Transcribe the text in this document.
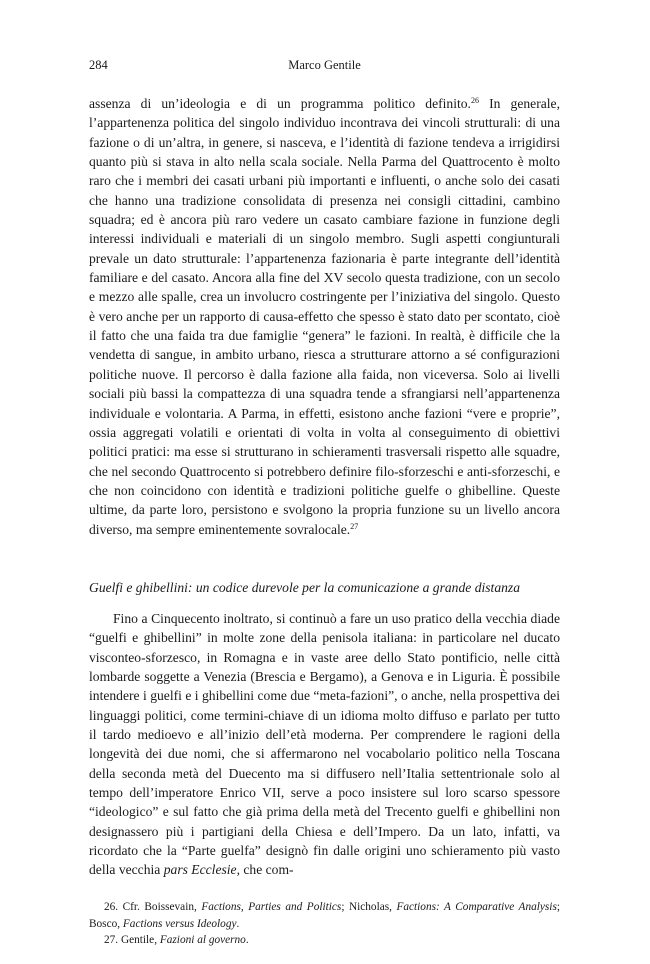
284	Marco Gentile

assenza di un’ideologia e di un programma politico definito.$^{26}$ In generale, l’appartenenza politica del singolo individuo incontrava dei vincoli strutturali: di una fazione o di un’altra, in genere, si nasceva, e l’identità di fazione tendeva a irrigidirsi quanto più si stava in alto nella scala sociale. Nella Parma del Quattrocento è molto raro che i membri dei casati urbani più importanti e influenti, o anche solo dei casati che hanno una tradizione consolidata di presenza nei consigli cittadini, cambino squadra; ed è ancora più raro vedere un casato cambiare fazione in funzione degli interessi individuali e materiali di un singolo membro. Sugli aspetti congiunturali prevale un dato strutturale: l’appartenenza fazionaria è parte integrante dell’identità familiare e del casato. Ancora alla fine del XV secolo questa tradizione, con un secolo e mezzo alle spalle, crea un involucro costringente per l’iniziativa del singolo. Questo è vero anche per un rapporto di causa-effetto che spesso è stato dato per scontato, cioè il fatto che una faida tra due famiglie “genera” le fazioni. In realtà, è difficile che la vendetta di sangue, in ambito urbano, riesca a strutturare attorno a sé configurazioni politiche nuove. Il percorso è dalla fazione alla faida, non viceversa. Solo ai livelli sociali più bassi la compattezza di una squadra tende a sfrangiarsi nell’appartenenza individuale e volontaria. A Parma, in effetti, esistono anche fazioni “vere e proprie”, ossia aggregati volatili e orientati di volta in volta al conseguimento di obiettivi politici pratici: ma esse si strutturano in schieramenti trasversali rispetto alle squadre, che nel secondo Quattrocento si potrebbero definire filo-sforzeschi e anti-sforzeschi, e che non coincidono con identità e tradizioni politiche guelfe o ghibelline. Queste ultime, da parte loro, persistono e svolgono la propria funzione su un livello ancora diverso, ma sempre eminentemente sovralocale.$^{27}$

Guelfi e ghibellini: un codice durevole per la comunicazione a grande distanza

Fino a Cinquecento inoltrato, si continuò a fare un uso pratico della vecchia diade “guelfi e ghibellini” in molte zone della penisola italiana: in particolare nel ducato visconteo-sforzesco, in Romagna e in vaste aree dello Stato pontificio, nelle città lombarde soggette a Venezia (Brescia e Bergamo), a Genova e in Liguria. È possibile intendere i guelfi e i ghibellini come due “meta-fazioni”, o anche, nella prospettiva dei linguaggi politici, come termini-chiave di un idioma molto diffuso e parlato per tutto il tardo medioevo e all’inizio dell’età moderna. Per comprendere le ragioni della longevità dei due nomi, che si affermarono nel vocabolario politico nella Toscana della seconda metà del Duecento ma si diffusero nell’Italia settentrionale solo al tempo dell’imperatore Enrico VII, serve a poco insistere sul loro scarso spessore “ideologico” e sul fatto che già prima della metà del Trecento guelfi e ghibellini non designassero più i partigiani della Chiesa e dell’Impero. Da un lato, infatti, va ricordato che la “Parte guelfa” designò fin dalle origini uno schieramento più vasto della vecchia pars Ecclesie, che com-

26. Cfr. Boissevain, Factions, Parties and Politics; Nicholas, Factions: A Comparative Analysis; Bosco, Factions versus Ideology.

27. Gentile, Fazioni al governo.
